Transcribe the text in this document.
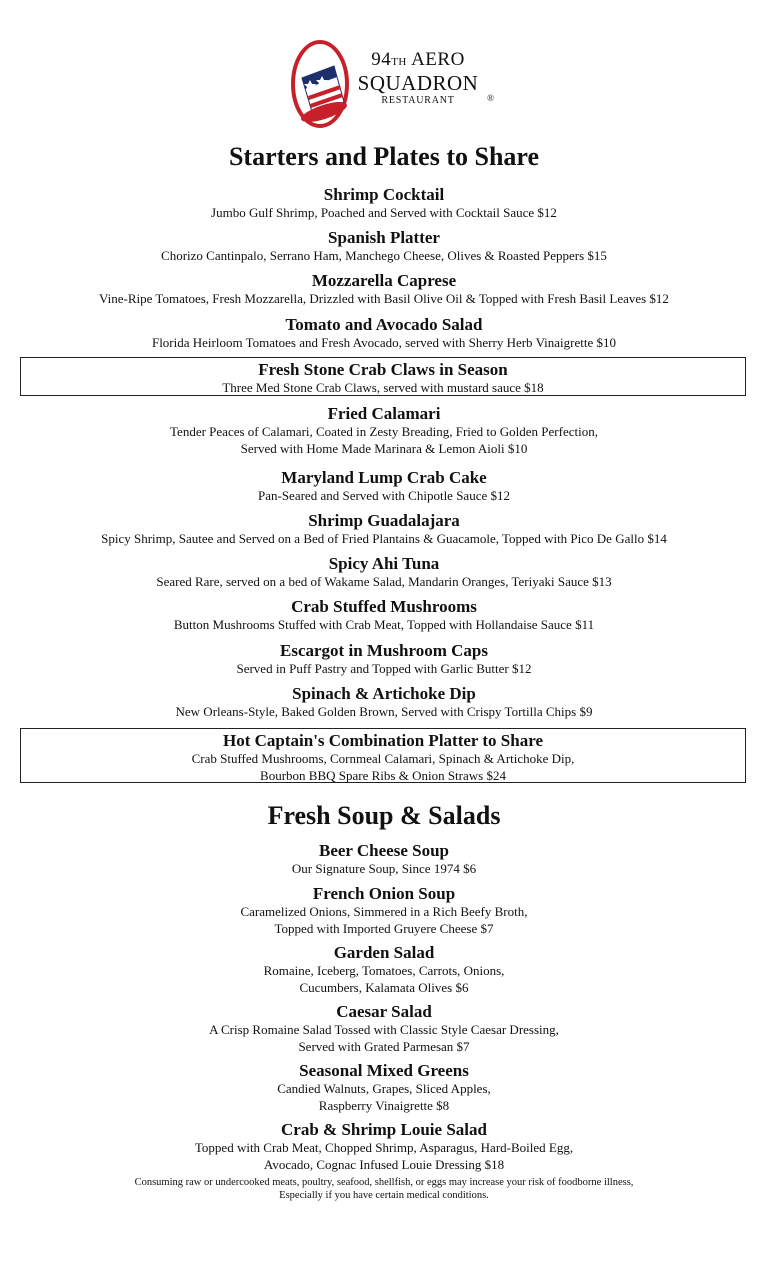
94TH AERO
SQUADRON
RESTAURANT	®
Starters and Plates to Share
Shrimp Cocktail
Jumbo Gulf Shrimp, Poached and Served with Cocktail Sauce $12
Spanish Platter
Chorizo Cantinpalo, Serrano Ham, Manchego Cheese, Olives & Roasted Peppers $15
Mozzarella Caprese
Vine-Ripe Tomatoes, Fresh Mozzarella, Drizzled with Basil Olive Oil & Topped with Fresh Basil Leaves $12
Tomato and Avocado Salad
Florida Heirloom Tomatoes and Fresh Avocado, served with Sherry Herb Vinaigrette $10
Fresh Stone Crab Claws in Season
Three Med Stone Crab Claws, served with mustard sauce $18
Fried Calamari
Tender Peaces of Calamari, Coated in Zesty Breading, Fried to Golden Perfection,
Served with Home Made Marinara & Lemon Aioli $10
Maryland Lump Crab Cake
Pan-Seared and Served with Chipotle Sauce $12
Shrimp Guadalajara
Spicy Shrimp, Sautee and Served on a Bed of Fried Plantains & Guacamole, Topped with Pico De Gallo $14
Spicy Ahi Tuna
Seared Rare, served on a bed of Wakame Salad, Mandarin Oranges, Teriyaki Sauce $13
Crab Stuffed Mushrooms
Button Mushrooms Stuffed with Crab Meat, Topped with Hollandaise Sauce $11
Escargot in Mushroom Caps
Served in Puff Pastry and Topped with Garlic Butter $12
Spinach & Artichoke Dip
New Orleans-Style, Baked Golden Brown, Served with Crispy Tortilla Chips $9
Hot Captain's Combination Platter to Share
Crab Stuffed Mushrooms, Cornmeal Calamari, Spinach & Artichoke Dip,
Bourbon BBQ Spare Ribs & Onion Straws $24
Fresh Soup & Salads
Beer Cheese Soup
Our Signature Soup, Since 1974 $6
French Onion Soup
Caramelized Onions, Simmered in a Rich Beefy Broth,
Topped with Imported Gruyere Cheese $7
Garden Salad
Romaine, Iceberg, Tomatoes, Carrots, Onions,
Cucumbers, Kalamata Olives $6
Caesar Salad
A Crisp Romaine Salad Tossed with Classic Style Caesar Dressing,
Served with Grated Parmesan $7
Seasonal Mixed Greens
Candied Walnuts, Grapes, Sliced Apples,
Raspberry Vinaigrette $8
Crab & Shrimp Louie Salad
Topped with Crab Meat, Chopped Shrimp, Asparagus, Hard-Boiled Egg,
Avocado, Cognac Infused Louie Dressing $18
Consuming raw or undercooked meats, poultry, seafood, shellfish, or eggs may increase your risk of foodborne illness,
Especially if you have certain medical conditions.
